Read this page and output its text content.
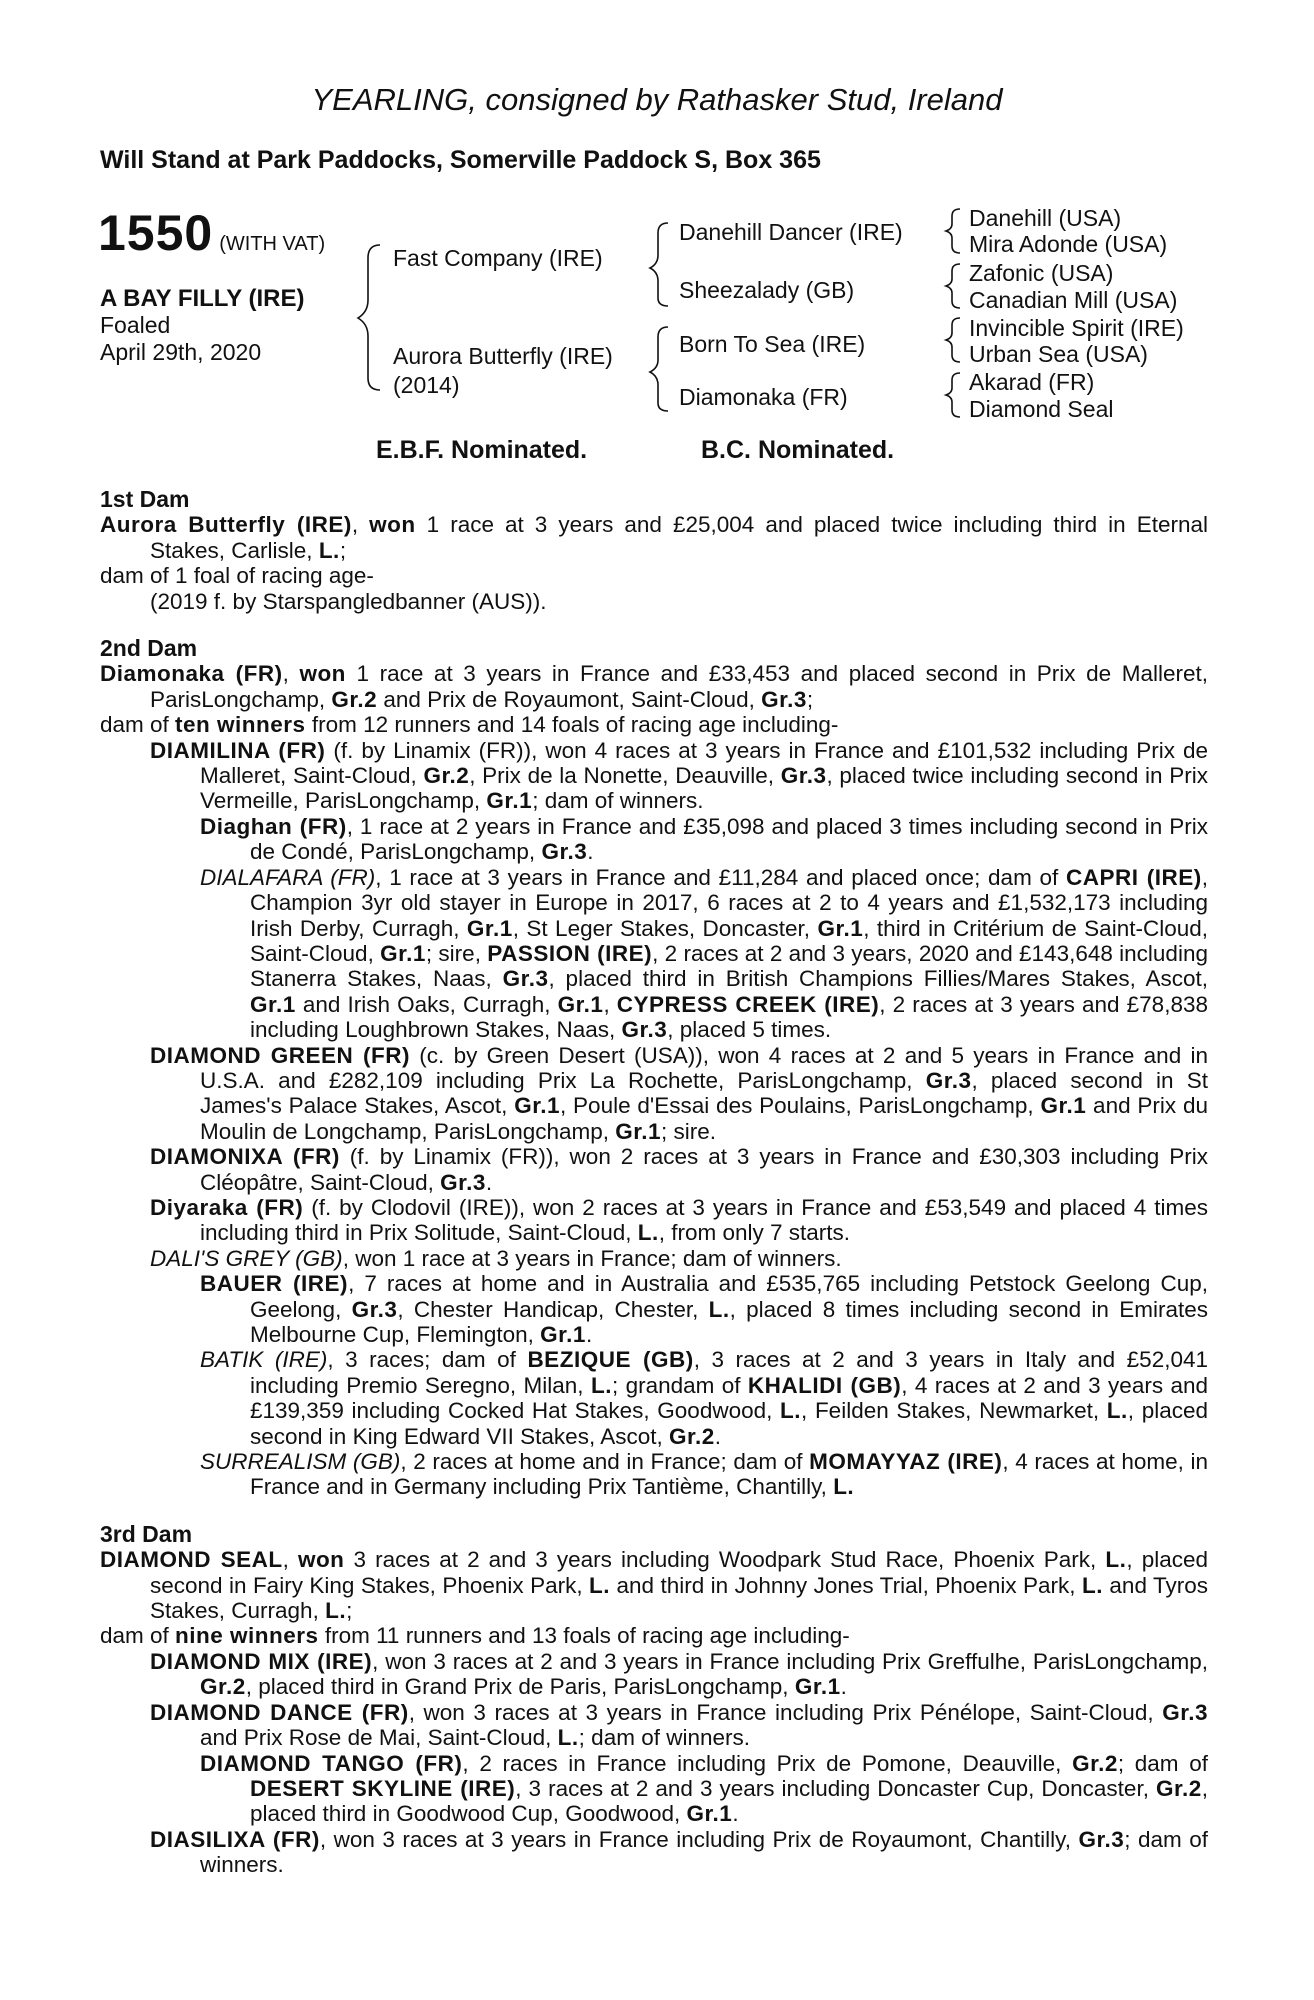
YEARLING, consigned by Rathasker Stud, Ireland
Will Stand at Park Paddocks, Somerville Paddock S, Box 365
1550 (WITH VAT)
A BAY FILLY (IRE)
Foaled
April 29th, 2020
Fast Company (IRE)
Aurora Butterfly (IRE)
(2014)
Danehill Dancer (IRE)
Sheezalady (GB)
Born To Sea (IRE)
Diamonaka (FR)
Danehill (USA)
Mira Adonde (USA)
Zafonic (USA)
Canadian Mill (USA)
Invincible Spirit (IRE)
Urban Sea (USA)
Akarad (FR)
Diamond Seal
E.B.F. Nominated.	B.C. Nominated.

1st Dam

Aurora Butterfly (IRE), won 1 race at 3 years and £25,004 and placed twice including third in Eternal Stakes, Carlisle, L.;

dam of 1 foal of racing age-

(2019 f. by Starspangledbanner (AUS)).

2nd Dam

Diamonaka (FR), won 1 race at 3 years in France and £33,453 and placed second in Prix de Malleret, ParisLongchamp, Gr.2 and Prix de Royaumont, Saint-Cloud, Gr.3;

dam of ten winners from 12 runners and 14 foals of racing age including-

DIAMILINA (FR) (f. by Linamix (FR)), won 4 races at 3 years in France and £101,532 including Prix de Malleret, Saint-Cloud, Gr.2, Prix de la Nonette, Deauville, Gr.3, placed twice including second in Prix Vermeille, ParisLongchamp, Gr.1; dam of winners.

Diaghan (FR), 1 race at 2 years in France and £35,098 and placed 3 times including second in Prix de Condé, ParisLongchamp, Gr.3.

DIALAFARA (FR), 1 race at 3 years in France and £11,284 and placed once; dam of CAPRI (IRE), Champion 3yr old stayer in Europe in 2017, 6 races at 2 to 4 years and £1,532,173 including Irish Derby, Curragh, Gr.1, St Leger Stakes, Doncaster, Gr.1, third in Critérium de Saint-Cloud, Saint-Cloud, Gr.1; sire, PASSION (IRE), 2 races at 2 and 3 years, 2020 and £143,648 including Stanerra Stakes, Naas, Gr.3, placed third in British Champions Fillies/Mares Stakes, Ascot, Gr.1 and Irish Oaks, Curragh, Gr.1, CYPRESS CREEK (IRE), 2 races at 3 years and £78,838 including Loughbrown Stakes, Naas, Gr.3, placed 5 times.

DIAMOND GREEN (FR) (c. by Green Desert (USA)), won 4 races at 2 and 5 years in France and in U.S.A. and £282,109 including Prix La Rochette, ParisLongchamp, Gr.3, placed second in St James's Palace Stakes, Ascot, Gr.1, Poule d'Essai des Poulains, ParisLongchamp, Gr.1 and Prix du Moulin de Longchamp, ParisLongchamp, Gr.1; sire.

DIAMONIXA (FR) (f. by Linamix (FR)), won 2 races at 3 years in France and £30,303 including Prix Cléopâtre, Saint-Cloud, Gr.3.

Diyaraka (FR) (f. by Clodovil (IRE)), won 2 races at 3 years in France and £53,549 and placed 4 times including third in Prix Solitude, Saint-Cloud, L., from only 7 starts.

DALI'S GREY (GB), won 1 race at 3 years in France; dam of winners.

BAUER (IRE), 7 races at home and in Australia and £535,765 including Petstock Geelong Cup, Geelong, Gr.3, Chester Handicap, Chester, L., placed 8 times including second in Emirates Melbourne Cup, Flemington, Gr.1.

BATIK (IRE), 3 races; dam of BEZIQUE (GB), 3 races at 2 and 3 years in Italy and £52,041 including Premio Seregno, Milan, L.; grandam of KHALIDI (GB), 4 races at 2 and 3 years and £139,359 including Cocked Hat Stakes, Goodwood, L., Feilden Stakes, Newmarket, L., placed second in King Edward VII Stakes, Ascot, Gr.2.

SURREALISM (GB), 2 races at home and in France; dam of MOMAYYAZ (IRE), 4 races at home, in France and in Germany including Prix Tantième, Chantilly, L.

3rd Dam

DIAMOND SEAL, won 3 races at 2 and 3 years including Woodpark Stud Race, Phoenix Park, L., placed second in Fairy King Stakes, Phoenix Park, L. and third in Johnny Jones Trial, Phoenix Park, L. and Tyros Stakes, Curragh, L.;

dam of nine winners from 11 runners and 13 foals of racing age including-

DIAMOND MIX (IRE), won 3 races at 2 and 3 years in France including Prix Greffulhe, ParisLongchamp, Gr.2, placed third in Grand Prix de Paris, ParisLongchamp, Gr.1.

DIAMOND DANCE (FR), won 3 races at 3 years in France including Prix Pénélope, Saint-Cloud, Gr.3 and Prix Rose de Mai, Saint-Cloud, L.; dam of winners.

DIAMOND TANGO (FR), 2 races in France including Prix de Pomone, Deauville, Gr.2; dam of DESERT SKYLINE (IRE), 3 races at 2 and 3 years including Doncaster Cup, Doncaster, Gr.2, placed third in Goodwood Cup, Goodwood, Gr.1.

DIASILIXA (FR), won 3 races at 3 years in France including Prix de Royaumont, Chantilly, Gr.3; dam of winners.
